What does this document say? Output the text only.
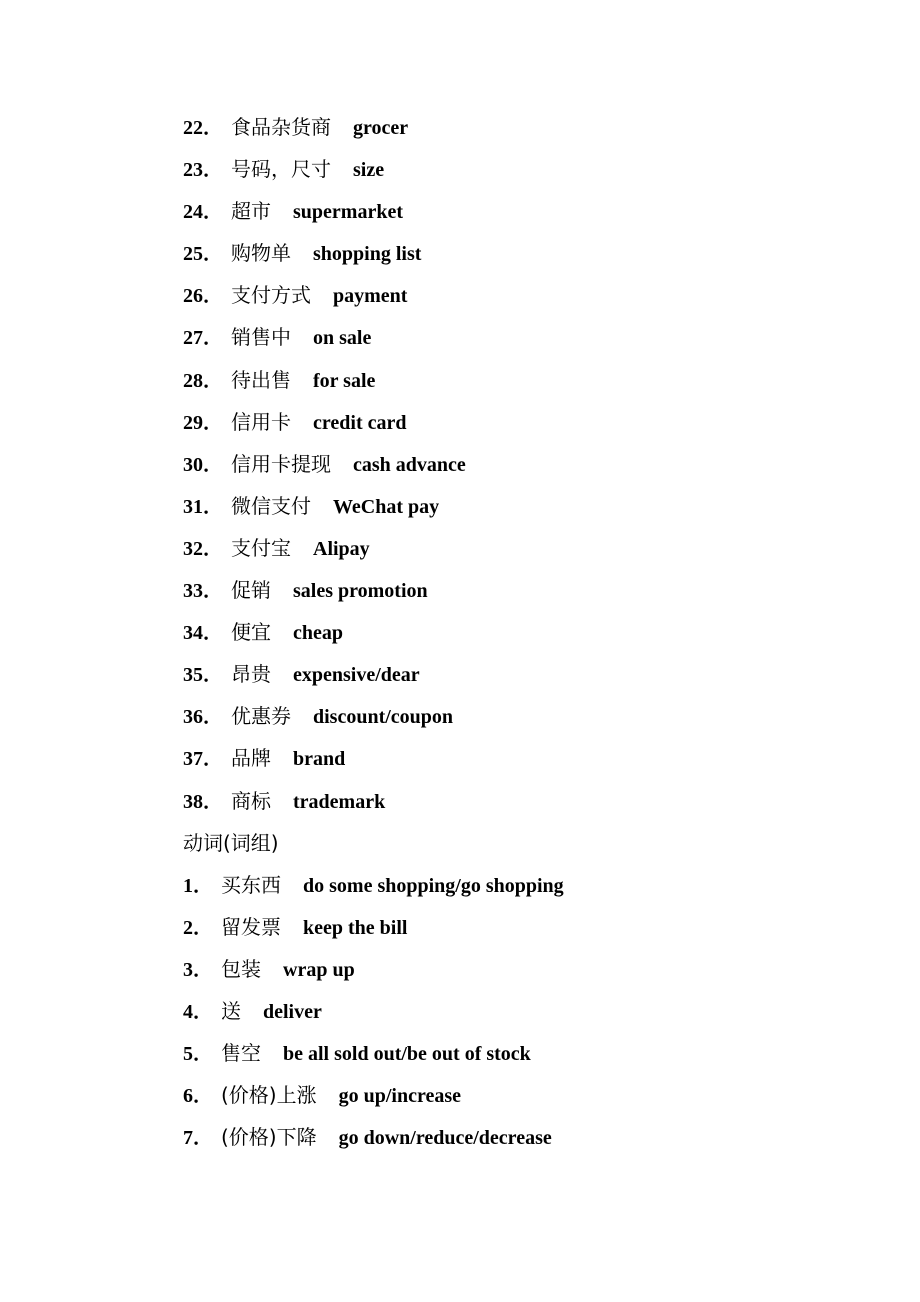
22． 食品杂货商 grocer
23． 号码，尺寸 size
24． 超市 supermarket
25． 购物单 shopping list
26． 支付方式 payment
27． 销售中 on sale
28． 待出售 for sale
29． 信用卡 credit card
30． 信用卡提现 cash advance
31． 微信支付 WeChat pay
32． 支付宝 Alipay
33． 促销 sales promotion
34． 便宜 cheap
35． 昂贵 expensive/dear
36． 优惠券 discount/coupon
37． 品牌 brand
38． 商标 trademark
动词(词组)
1． 买东西 do some shopping/go shopping
2． 留发票 keep the bill
3． 包装 wrap up
4． 送 deliver
5． 售空 be all sold out/be out of stock
6． (价格)上涨 go up/increase
7． (价格)下降 go down/reduce/decrease
